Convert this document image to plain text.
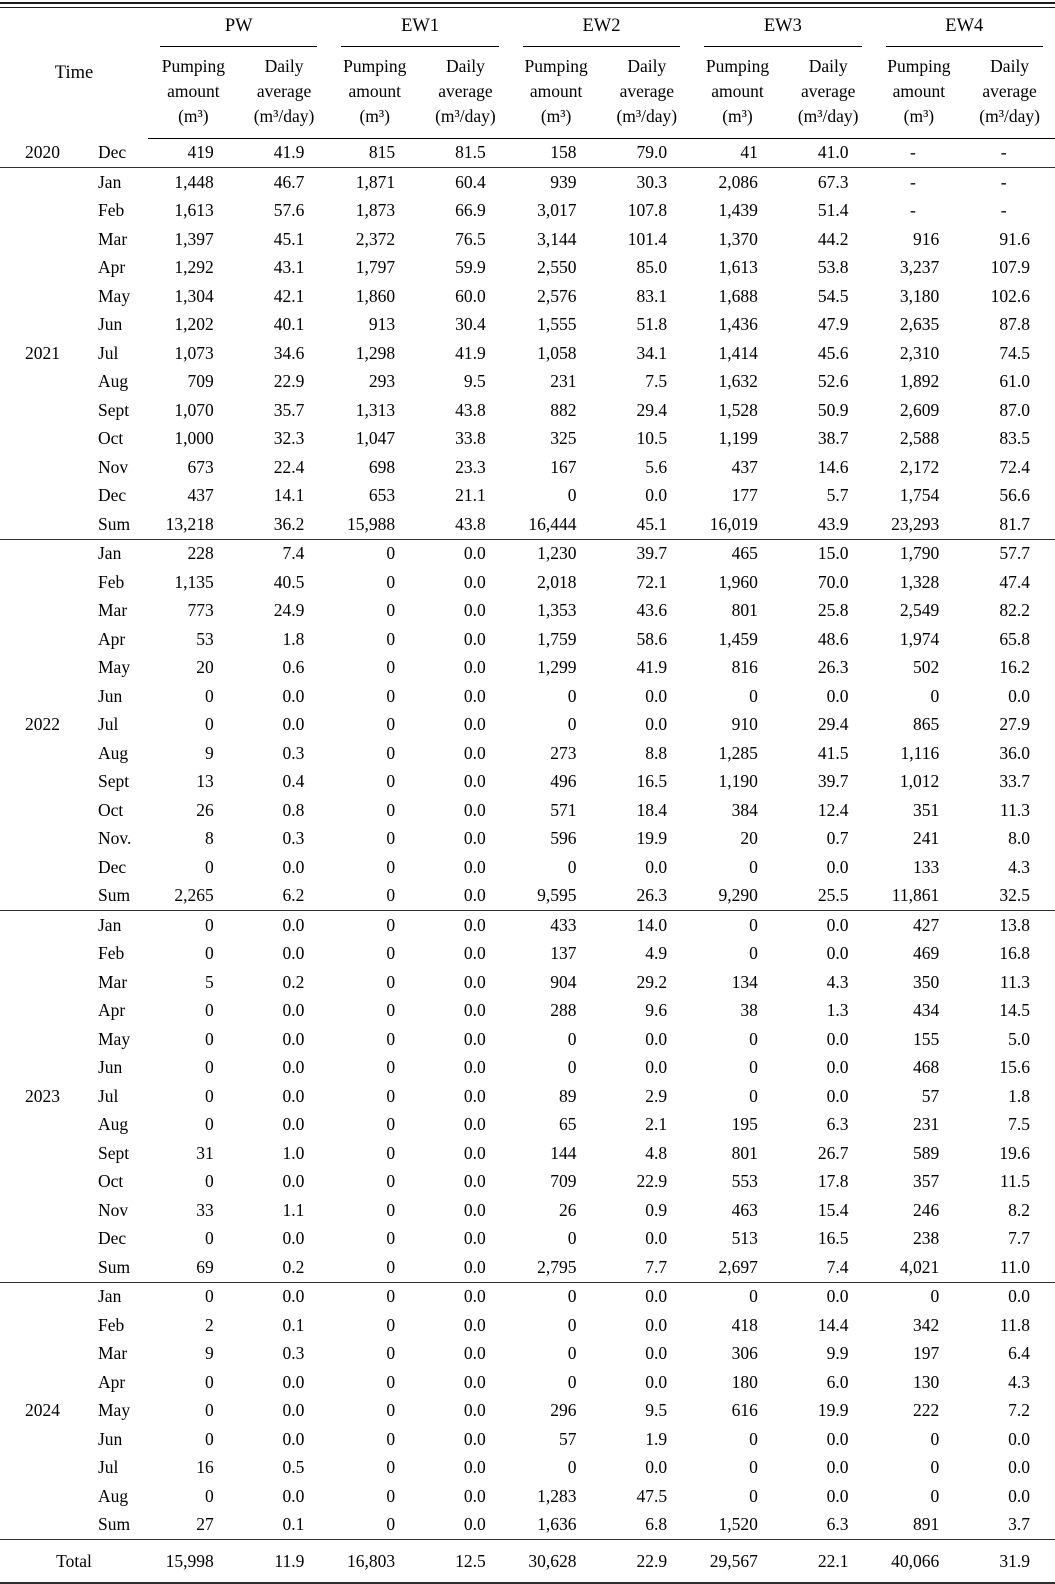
Time		PW		EW1		EW2		EW3		EW4	

		Pumping amount (m³)	Daily average (m³/day)	Pumping amount (m³)	Daily average (m³/day)	Pumping amount (m³)	Daily average (m³/day)	Pumping amount (m³)	Daily average (m³/day)	Pumping amount (m³)	Daily average (m³/day)
2020	Dec	419	41.9	815	81.5	158	79.0	41	41.0	-	-
2021	Jan	1,448	46.7	1,871	60.4	939	30.3	2,086	67.3	-	-
	Feb	1,613	57.6	1,873	66.9	3,017	107.8	1,439	51.4	-	-
	Mar	1,397	45.1	2,372	76.5	3,144	101.4	1,370	44.2	916	91.6
	Apr	1,292	43.1	1,797	59.9	2,550	85.0	1,613	53.8	3,237	107.9
	May	1,304	42.1	1,860	60.0	2,576	83.1	1,688	54.5	3,180	102.6
	Jun	1,202	40.1	913	30.4	1,555	51.8	1,436	47.9	2,635	87.8
	Jul	1,073	34.6	1,298	41.9	1,058	34.1	1,414	45.6	2,310	74.5
	Aug	709	22.9	293	9.5	231	7.5	1,632	52.6	1,892	61.0
	Sept	1,070	35.7	1,313	43.8	882	29.4	1,528	50.9	2,609	87.0
	Oct	1,000	32.3	1,047	33.8	325	10.5	1,199	38.7	2,588	83.5
	Nov	673	22.4	698	23.3	167	5.6	437	14.6	2,172	72.4
	Dec	437	14.1	653	21.1	0	0.0	177	5.7	1,754	56.6
	Sum	13,218	36.2	15,988	43.8	16,444	45.1	16,019	43.9	23,293	81.7
2022	Jan	228	7.4	0	0.0	1,230	39.7	465	15.0	1,790	57.7
	Feb	1,135	40.5	0	0.0	2,018	72.1	1,960	70.0	1,328	47.4
	Mar	773	24.9	0	0.0	1,353	43.6	801	25.8	2,549	82.2
	Apr	53	1.8	0	0.0	1,759	58.6	1,459	48.6	1,974	65.8
	May	20	0.6	0	0.0	1,299	41.9	816	26.3	502	16.2
	Jun	0	0.0	0	0.0	0	0.0	0	0.0	0	0.0
	Jul	0	0.0	0	0.0	0	0.0	910	29.4	865	27.9
	Aug	9	0.3	0	0.0	273	8.8	1,285	41.5	1,116	36.0
	Sept	13	0.4	0	0.0	496	16.5	1,190	39.7	1,012	33.7
	Oct	26	0.8	0	0.0	571	18.4	384	12.4	351	11.3
	Nov.	8	0.3	0	0.0	596	19.9	20	0.7	241	8.0
	Dec	0	0.0	0	0.0	0	0.0	0	0.0	133	4.3
	Sum	2,265	6.2	0	0.0	9,595	26.3	9,290	25.5	11,861	32.5
2023	Jan	0	0.0	0	0.0	433	14.0	0	0.0	427	13.8
	Feb	0	0.0	0	0.0	137	4.9	0	0.0	469	16.8
	Mar	5	0.2	0	0.0	904	29.2	134	4.3	350	11.3
	Apr	0	0.0	0	0.0	288	9.6	38	1.3	434	14.5
	May	0	0.0	0	0.0	0	0.0	0	0.0	155	5.0
	Jun	0	0.0	0	0.0	0	0.0	0	0.0	468	15.6
	Jul	0	0.0	0	0.0	89	2.9	0	0.0	57	1.8
	Aug	0	0.0	0	0.0	65	2.1	195	6.3	231	7.5
	Sept	31	1.0	0	0.0	144	4.8	801	26.7	589	19.6
	Oct	0	0.0	0	0.0	709	22.9	553	17.8	357	11.5
	Nov	33	1.1	0	0.0	26	0.9	463	15.4	246	8.2
	Dec	0	0.0	0	0.0	0	0.0	513	16.5	238	7.7
	Sum	69	0.2	0	0.0	2,795	7.7	2,697	7.4	4,021	11.0
2024	Jan	0	0.0	0	0.0	0	0.0	0	0.0	0	0.0
	Feb	2	0.1	0	0.0	0	0.0	418	14.4	342	11.8
	Mar	9	0.3	0	0.0	0	0.0	306	9.9	197	6.4
	Apr	0	0.0	0	0.0	0	0.0	180	6.0	130	4.3
	May	0	0.0	0	0.0	296	9.5	616	19.9	222	7.2
	Jun	0	0.0	0	0.0	57	1.9	0	0.0	0	0.0
	Jul	16	0.5	0	0.0	0	0.0	0	0.0	0	0.0
	Aug	0	0.0	0	0.0	1,283	47.5	0	0.0	0	0.0
	Sum	27	0.1	0	0.0	1,636	6.8	1,520	6.3	891	3.7
Total		15,998	11.9	16,803	12.5	30,628	22.9	29,567	22.1	40,066	31.9
